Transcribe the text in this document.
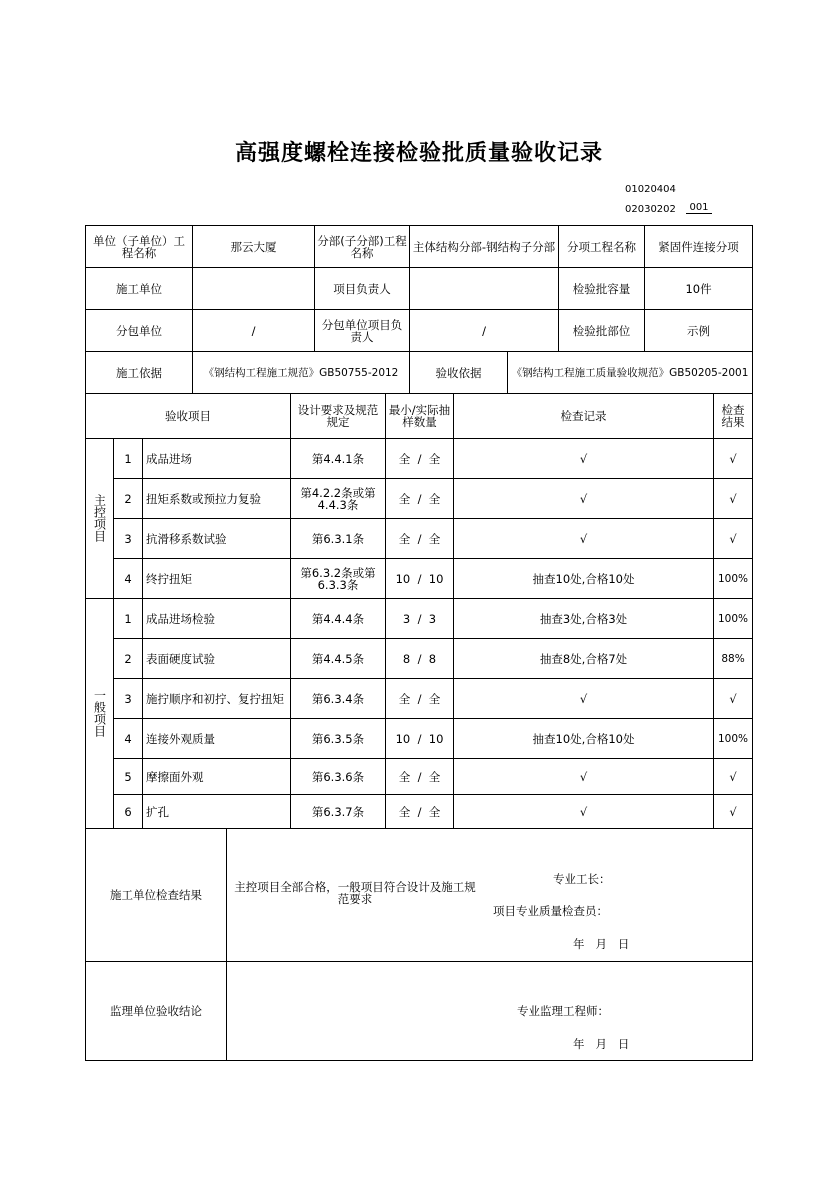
高强度螺栓连接检验批质量验收记录
01020404
02030202	001
单位（子单位）工程名称	那云大厦	分部(子分部)工程名称	主体结构分部-钢结构子分部		分项工程名称	紧固件连接分项
施工单位		项目负责人			检验批容量	10件
分包单位	/	分包单位项目负责人	/		检验批部位	示例
施工依据	《钢结构工程施工规范》GB50755-2012		验收依据	《钢结构工程施工质量验收规范》GB50205-2001		
验收项目			设计要求及规范规定	最小/实际抽样数量	检查记录	检查结果
主控项目	1	成品进场	第4.4.1条	全 / 全	√	√
	2	扭矩系数或预拉力复验	第4.2.2条或第4.4.3条	全 / 全	√	√
	3	抗滑移系数试验	第6.3.1条	全 / 全	√	√
	4	终拧扭矩	第6.3.2条或第6.3.3条	10 / 10	抽查10处,合格10处	100%
一般项目	1	成品进场检验	第4.4.4条	3 / 3	抽查3处,合格3处	100%
	2	表面硬度试验	第4.4.5条	8 / 8	抽查8处,合格7处	88%
	3	施拧顺序和初拧、复拧扭矩	第6.3.4条	全 / 全	√	√
	4	连接外观质量	第6.3.5条	10 / 10	抽查10处,合格10处	100%
	5	摩擦面外观	第6.3.6条	全 / 全	√	√
	6	扩孔	第6.3.7条	全 / 全	√	√
施工单位检查结果	主控项目全部合格，一般项目符合设计及施工规范要求
专业工长：
项目专业质量检查员：
年   月   日

监理单位验收结论	专业监理工程师：
年   月   日
